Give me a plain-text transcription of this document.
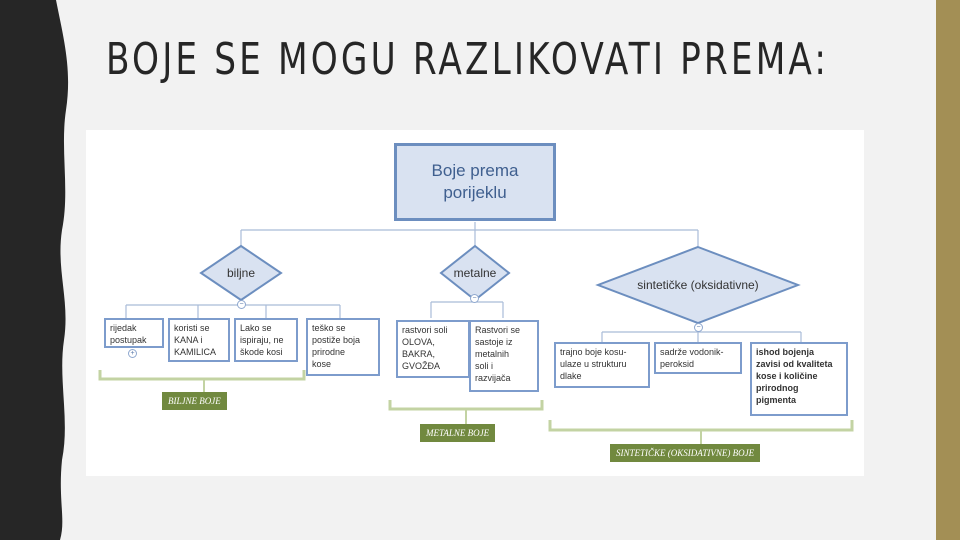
BOJE SE MOGU RAZLIKOVATI PREMA:
Boje prema
porijeklu
biljne	metalne
sintetičke (oksidativne)
−
−
−
+
rijedak
postupak
koristi se
KANA i
KAMILICA
Lako se
ispiraju, ne
škode kosi
teško se
postiže boja
prirodne
kose
rastvori soli
OLOVA,
BAKRA,
GVOŽĐA
Rastvori se
sastoje iz
metalnih
soli i
razvijača
trajno boje kosu-
ulaze u strukturu
dlake
sadrže vodonik-
peroksid
ishod bojenja
zavisi od kvaliteta
kose i količine
prirodnog
pigmenta
BILJNE BOJE
METALNE BOJE
SINTETIČKE (OKSIDATIVNE) BOJE
